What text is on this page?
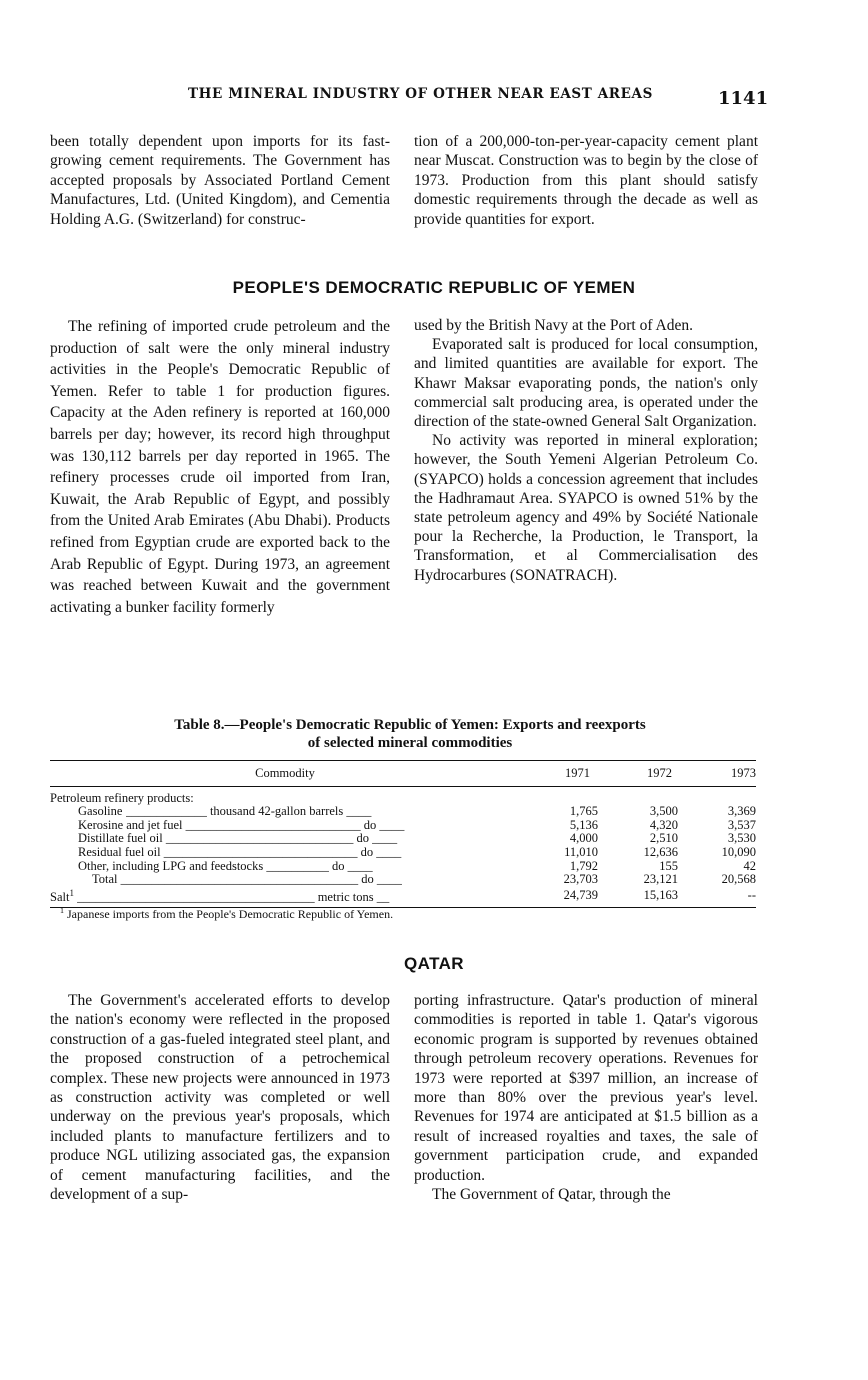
THE MINERAL INDUSTRY OF OTHER NEAR EAST AREAS	1141

been totally dependent upon imports for its fast-growing cement requirements. The Government has accepted proposals by Associated Portland Cement Manufactures, Ltd. (United Kingdom), and Cementia Holding A.G. (Switzerland) for construc-

tion of a 200,000-ton-per-year-capacity cement plant near Muscat. Construction was to begin by the close of 1973. Production from this plant should satisfy domestic requirements through the decade as well as provide quantities for export.

PEOPLE'S DEMOCRATIC REPUBLIC OF YEMEN

The refining of imported crude petroleum and the production of salt were the only mineral industry activities in the People's Democratic Republic of Yemen. Refer to table 1 for production figures. Capacity at the Aden refinery is reported at 160,000 barrels per day; however, its record high throughput was 130,112 barrels per day reported in 1965. The refinery processes crude oil imported from Iran, Kuwait, the Arab Republic of Egypt, and possibly from the United Arab Emirates (Abu Dhabi). Products refined from Egyptian crude are exported back to the Arab Republic of Egypt. During 1973, an agreement was reached between Kuwait and the government activating a bunker facility formerly

used by the British Navy at the Port of Aden.

Evaporated salt is produced for local consumption, and limited quantities are available for export. The Khawr Maksar evaporating ponds, the nation's only commercial salt producing area, is operated under the direction of the state-owned General Salt Organization.

No activity was reported in mineral exploration; however, the South Yemeni Algerian Petroleum Co. (SYAPCO) holds a concession agreement that includes the Hadhramaut Area. SYAPCO is owned 51% by the state petroleum agency and 49% by Société Nationale pour la Recherche, la Production, le Transport, la Transformation, et al Commercialisation des Hydrocarbures (SONATRACH).

Table 8.—People's Democratic Republic of Yemen: Exports and reexports
of selected mineral commodities
Commodity	1971	1972	1973
Petroleum refinery products:			
Gasoline _____________ thousand 42-gallon barrels ____	1,765	3,500	3,369
Kerosine and jet fuel ____________________________ do ____	5,136	4,320	3,537
Distillate fuel oil ______________________________ do ____	4,000	2,510	3,530
Residual fuel oil _______________________________ do ____	11,010	12,636	10,090
Other, including LPG and feedstocks __________ do ____	1,792	155	42
Total ______________________________________ do ____	23,703	23,121	20,568
Salt$^1$ ______________________________________ metric tons __	24,739	15,163	--

$^1$ Japanese imports from the People's Democratic Republic of Yemen.
QATAR

The Government's accelerated efforts to develop the nation's economy were reflected in the proposed construction of a gas-fueled integrated steel plant, and the proposed construction of a petrochemical complex. These new projects were announced in 1973 as construction activity was completed or well underway on the previous year's proposals, which included plants to manufacture fertilizers and to produce NGL utilizing associated gas, the expansion of cement manufacturing facilities, and the development of a sup-

porting infrastructure. Qatar's production of mineral commodities is reported in table 1. Qatar's vigorous economic program is supported by revenues obtained through petroleum recovery operations. Revenues for 1973 were reported at $397 million, an increase of more than 80% over the previous year's level. Revenues for 1974 are anticipated at $1.5 billion as a result of increased royalties and taxes, the sale of government participation crude, and expanded production.

The Government of Qatar, through the
